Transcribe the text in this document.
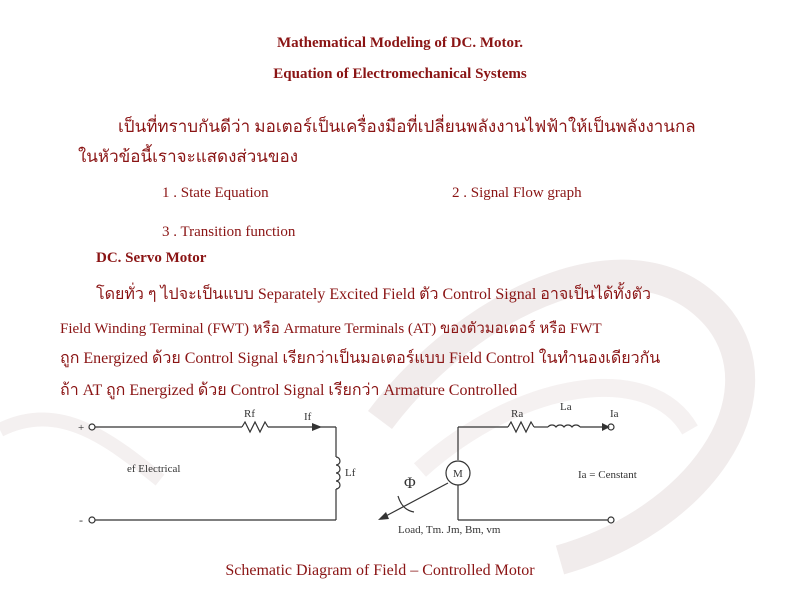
Mathematical Modeling of DC. Motor.
Equation of Electromechanical Systems
เป็นที่ทราบกันดีว่า มอเตอร์เป็นเครื่องมือที่เปลี่ยนพลังงานไฟฟ้าให้เป็นพลังงานกล
ในหัวข้อนี้เราจะแสดงส่วนของ
1 . State Equation	2 . Signal Flow graph
3 . Transition function
DC. Servo Motor
โดยทั่ว ๆ ไปจะเป็นแบบ Separately Excited Field ตัว Control Signal อาจเป็นได้ทั้งตัว
Field Winding Terminal (FWT) หรือ Armature Terminals (AT) ของตัวมอเตอร์ หรือ FWT
ถูก Energized ด้วย Control Signal เรียกว่าเป็นมอเตอร์แบบ Field Control ในทำนองเดียวกัน
ถ้า AT ถูก Energized ด้วย Control Signal เรียกว่า Armature Controlled
+
-
Rf	If
Lf
ef Electrical
Ra
La
Ia
M
Φ	Ia = Censtant
Load, Tm. Jm, Bm, vm
Schematic Diagram of Field – Controlled Motor
